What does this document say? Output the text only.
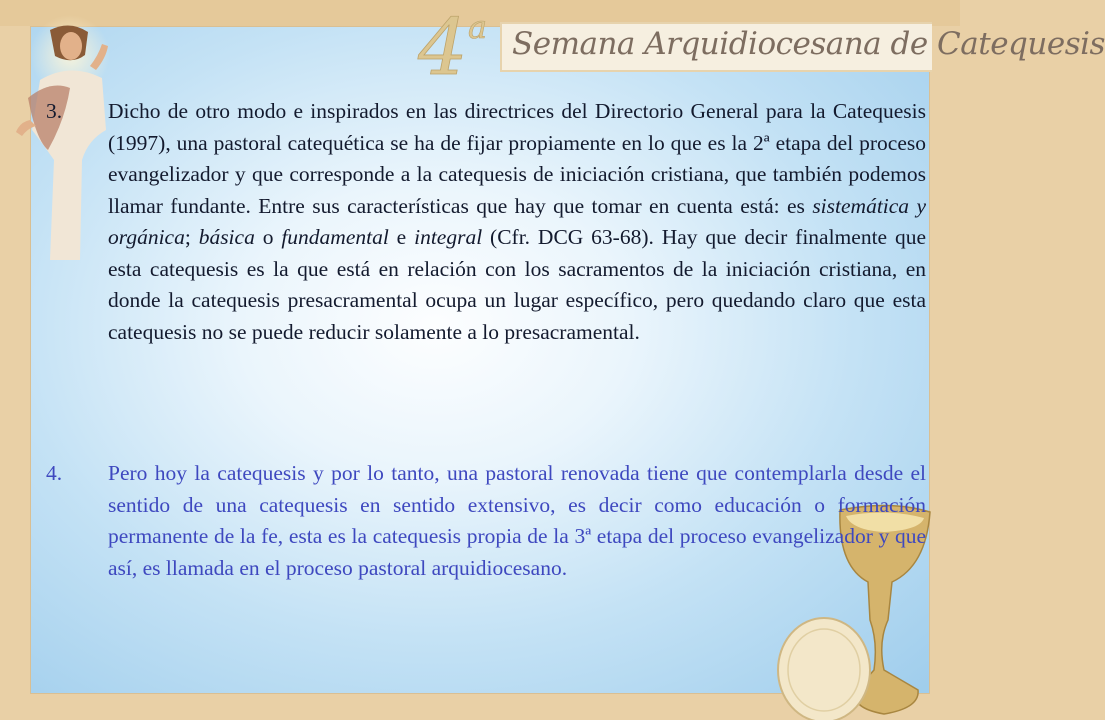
Semana Arquidiocesana de Catequesis
4 a
3. Dicho de otro modo e inspirados en las directrices del Directorio General para la Catequesis (1997), una pastoral catequética se ha de fijar propiamente en lo que es la 2ª etapa del proceso evangelizador y que corresponde a la catequesis de iniciación cristiana, que también podemos llamar fundante. Entre sus características que hay que tomar en cuenta está: es sistemática y orgánica; básica o fundamental e integral (Cfr. DCG 63-68). Hay que decir finalmente que esta catequesis es la que está en relación con los sacramentos de la iniciación cristiana, en donde la catequesis presacramental ocupa un lugar específico, pero quedando claro que esta catequesis no se puede reducir solamente a lo presacramental.
4. Pero hoy la catequesis y por lo tanto, una pastoral renovada tiene que contemplarla desde el sentido de una catequesis en sentido extensivo, es decir como educación o formación permanente de la fe, esta es la catequesis propia de la 3ª etapa del proceso evangelizador y que así, es llamada en el proceso pastoral arquidiocesano.
